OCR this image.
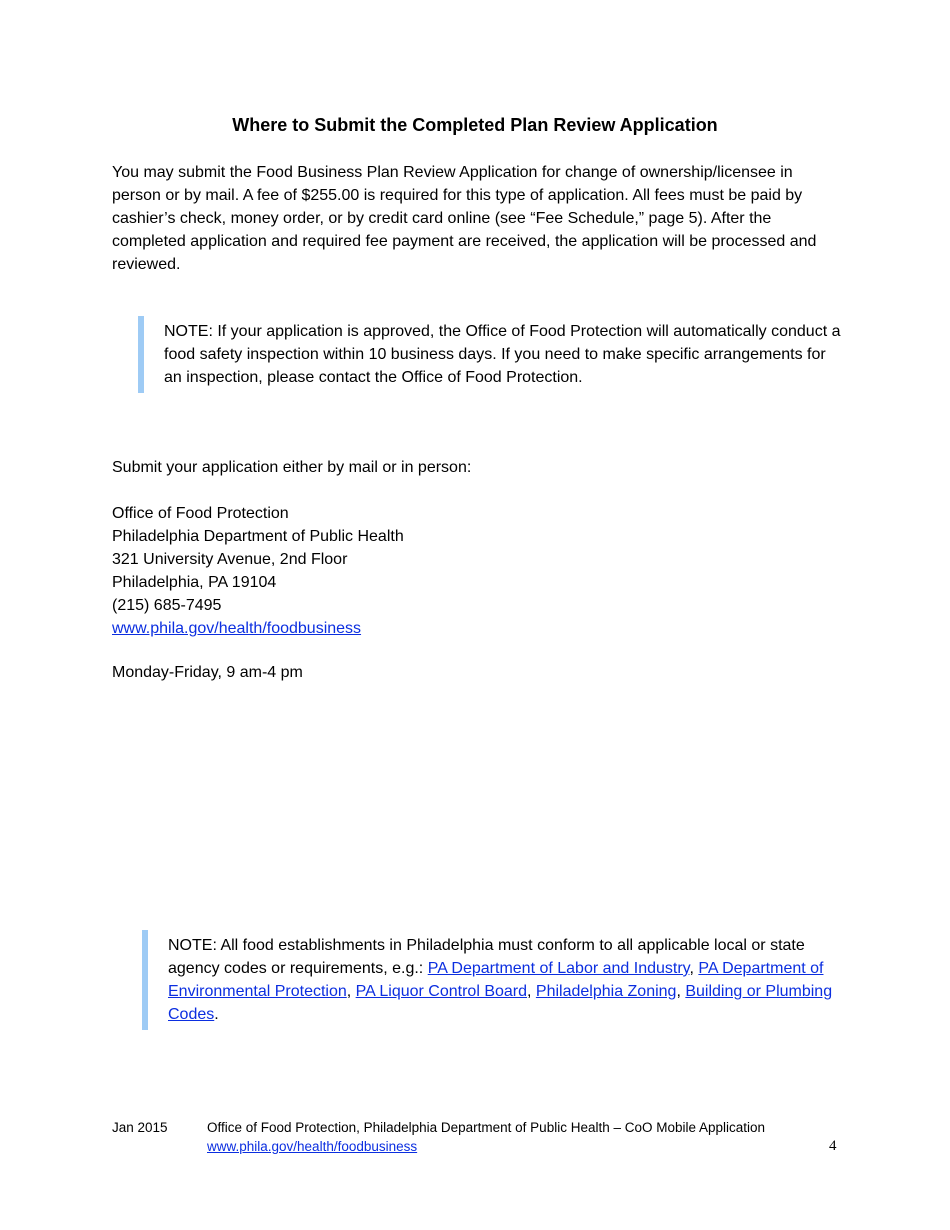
Where to Submit the Completed Plan Review Application

You may submit the Food Business Plan Review Application for change of ownership/licensee in person or by mail. A fee of $255.00 is required for this type of application. All fees must be paid by cashier’s check, money order, or by credit card online (see “Fee Schedule,” page 5). After the completed application and required fee payment are received, the application will be processed and reviewed.

NOTE: If your application is approved, the Office of Food Protection will automatically conduct a food safety inspection within 10 business days. If you need to make specific arrangements for an inspection, please contact the Office of Food Protection.

Submit your application either by mail or in person:

Office of Food Protection
Philadelphia Department of Public Health
321 University Avenue, 2nd Floor
Philadelphia, PA 19104
(215) 685-7495
www.phila.gov/health/foodbusiness

Monday-Friday, 9 am-4 pm

NOTE: All food establishments in Philadelphia must conform to all applicable local or state agency codes or requirements, e.g.: PA Department of Labor and Industry, PA Department of Environmental Protection, PA Liquor Control Board, Philadelphia Zoning, Building or Plumbing Codes.

Jan 2015	Office of Food Protection, Philadelphia Department of Public Health – CoO Mobile Application
www.phila.gov/health/foodbusiness	4
